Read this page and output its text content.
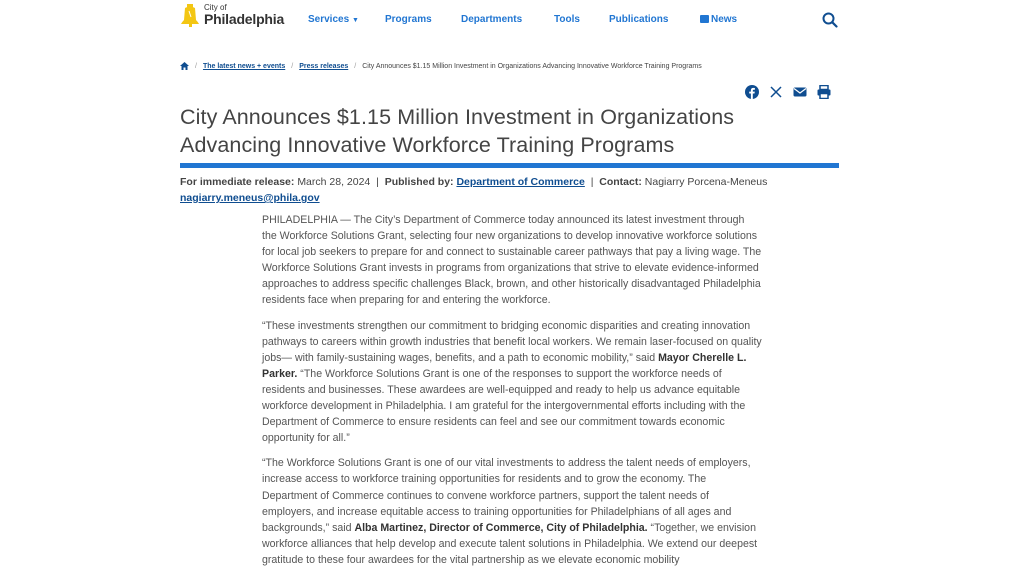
City of
Philadelphia Services ▼	Programs	Departments	Tools	Publications	News
/ The latest news + events / Press releases / City Announces $1.15 Million Investment in Organizations Advancing Innovative Workforce Training Programs
City Announces $1.15 Million Investment in Organizations Advancing Innovative Workforce Training Programs
For immediate release: March 28, 2024 | Published by: Department of Commerce | Contact: Nagiarry Porcena-Meneus
nagiarry.meneus@phila.gov

PHILADELPHIA — The City’s Department of Commerce today announced its latest investment through the Workforce Solutions Grant, selecting four new organizations to develop innovative workforce solutions for local job seekers to prepare for and connect to sustainable career pathways that pay a living wage. The Workforce Solutions Grant invests in programs from organizations that strive to elevate evidence-informed approaches to address specific challenges Black, brown, and other historically disadvantaged Philadelphia residents face when preparing for and entering the workforce.

“These investments strengthen our commitment to bridging economic disparities and creating innovation pathways to careers within growth industries that benefit local workers. We remain laser-focused on quality jobs— with family-sustaining wages, benefits, and a path to economic mobility,” said Mayor Cherelle L. Parker. “The Workforce Solutions Grant is one of the responses to support the workforce needs of residents and businesses. These awardees are well-equipped and ready to help us advance equitable workforce development in Philadelphia. I am grateful for the intergovernmental efforts including with the Department of Commerce to ensure residents can feel and see our commitment towards economic opportunity for all.”

“The Workforce Solutions Grant is one of our vital investments to address the talent needs of employers, increase access to workforce training opportunities for residents and to grow the economy. The Department of Commerce continues to convene workforce partners, support the talent needs of employers, and increase equitable access to training opportunities for Philadelphians of all ages and backgrounds,” said Alba Martinez, Director of Commerce, City of Philadelphia. “Together, we envision workforce alliances that help develop and execute talent solutions in Philadelphia. We extend our deepest gratitude to these four awardees for the vital partnership as we elevate economic mobility
